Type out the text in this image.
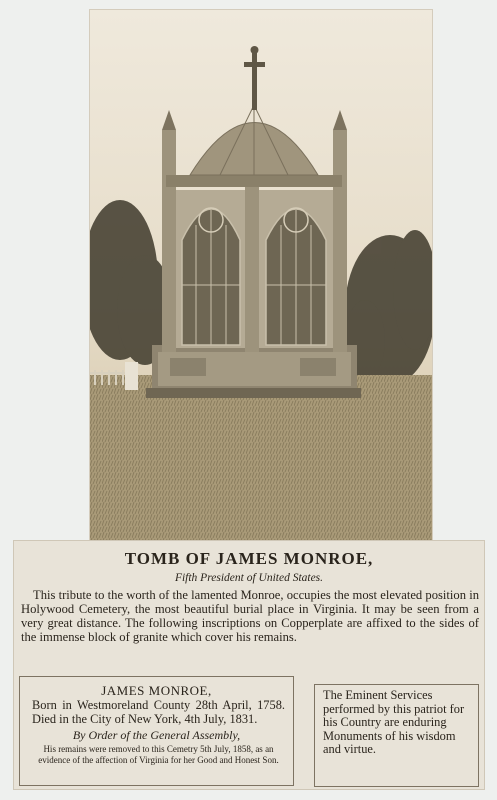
TOMB OF JAMES MONROE,
Fifth President of United States.
This tribute to the worth of the lamented Monroe, occupies the most elevated position in Holywood Cemetery, the most beautiful burial place in Virginia. It may be seen from a very great distance. The following inscriptions on Copperplate are affixed to the sides of the immense block of granite which cover his remains.
JAMES MONROE,
Born in Westmoreland County 28th April, 1758. Died in the City of New York, 4th July, 1831.
By Order of the General Assembly,
His remains were removed to this Cemetry 5th July, 1858, as an evidence of the affection of Virginia for her Good and Honest Son.
The Eminent Services performed by this patriot for his Country are enduring Monuments of his wisdom and virtue.
